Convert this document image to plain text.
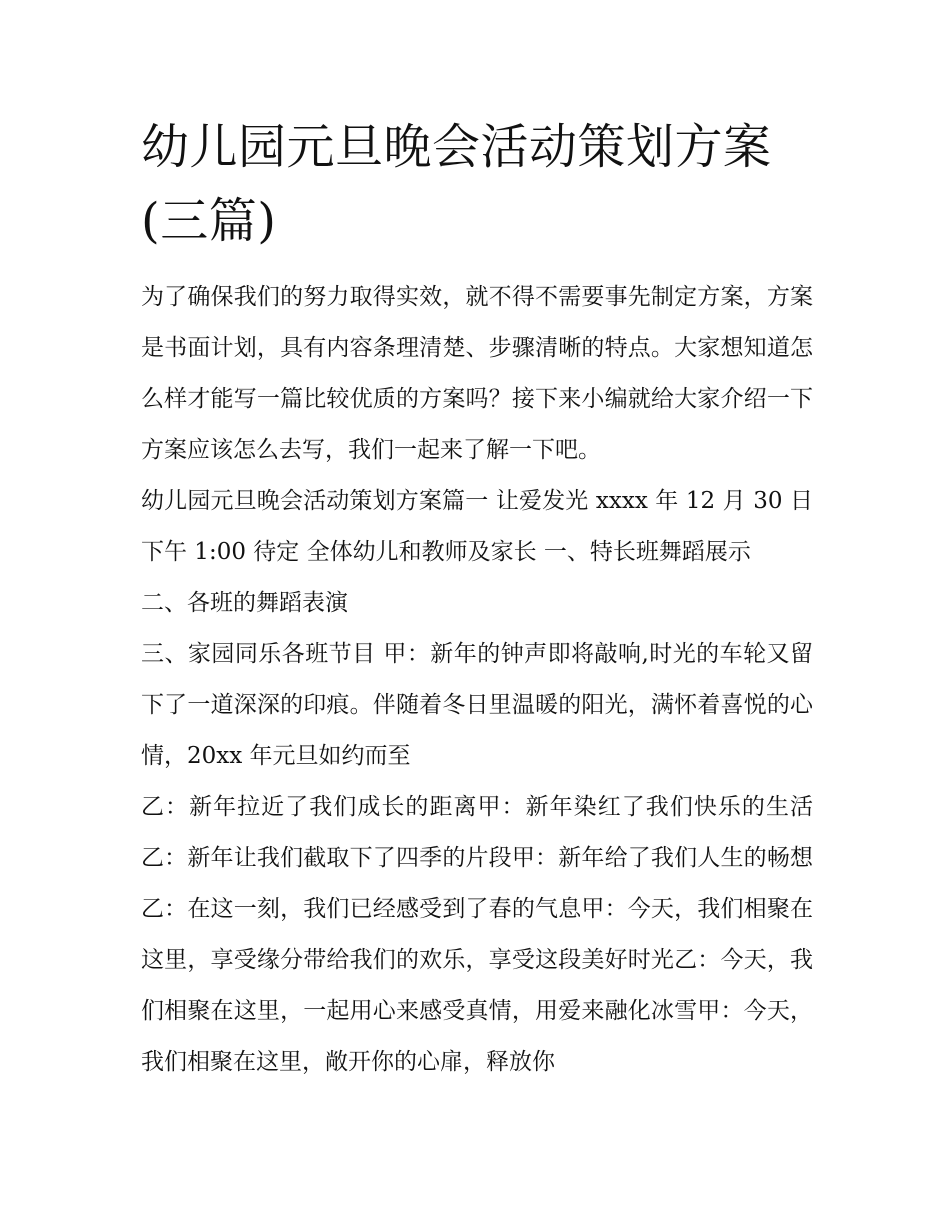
幼儿园元旦晚会活动策划方案
(三篇)

为了确保我们的努力取得实效，就不得不需要事先制定方案，方案是书面计划，具有内容条理清楚、步骤清晰的特点。大家想知道怎么样才能写一篇比较优质的方案吗？接下来小编就给大家介绍一下方案应该怎么去写，我们一起来了解一下吧。

幼儿园元旦晚会活动策划方案篇一 让爱发光 xxxx 年 12 月 30 日下午 1:00 待定 全体幼儿和教师及家长 一、特长班舞蹈展示

二、各班的舞蹈表演

三、家园同乐各班节目 甲：新年的钟声即将敲响,时光的车轮又留下了一道深深的印痕。伴随着冬日里温暖的阳光，满怀着喜悦的心情，20xx 年元旦如约而至

乙：新年拉近了我们成长的距离甲：新年染红了我们快乐的生活乙：新年让我们截取下了四季的片段甲：新年给了我们人生的畅想乙：在这一刻，我们已经感受到了春的气息甲：今天，我们相聚在这里，享受缘分带给我们的欢乐，享受这段美好时光乙：今天，我们相聚在这里，一起用心来感受真情，用爱来融化冰雪甲：今天，我们相聚在这里，敞开你的心扉，释放你
